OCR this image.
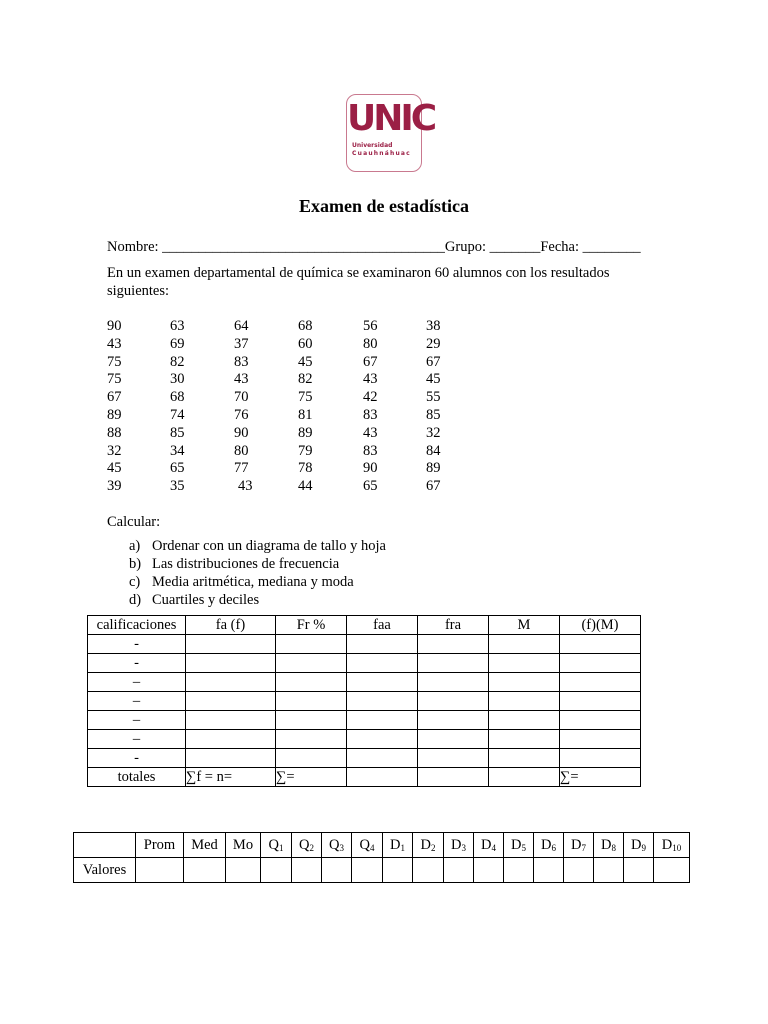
UNIC
Universidad
Cuauhnáhuac
Examen de estadística
Nombre: _______________________________________Grupo: _______Fecha: ________
En un examen departamental de química se examinaron 60 alumnos con los resultados
siguientes:
90	63	64	68	56	38
43	69	37	60	80	29
75	82	83	45	67	67
75	30	43	82	43	45
67	68	70	75	42	55
89	74	76	81	83	85
88	85	90	89	43	32
32	34	80	79	83	84
45	65	77	78	90	89
39	35	43	44	65	67
Calcular:
a) Ordenar con un diagrama de tallo y hoja
b) Las distribuciones de frecuencia
c) Media aritmética, mediana y moda
d) Cuartiles y deciles
calificaciones	fa (f)	Fr %	faa	fra	M	(f)(M)
-						
-						
–						
–						
–						
–						
-						
totales	∑f = n=	∑=				∑=
	Prom	Med	Mo	$Q_1$	$Q_2$	$Q_3$	$Q_4$	$D_1$	$D_2$	$D_3$	$D_4$	$D_5$	$D_6$	$D_7$	$D_8$	$D_9$	$D_{10}$
Valores																	
